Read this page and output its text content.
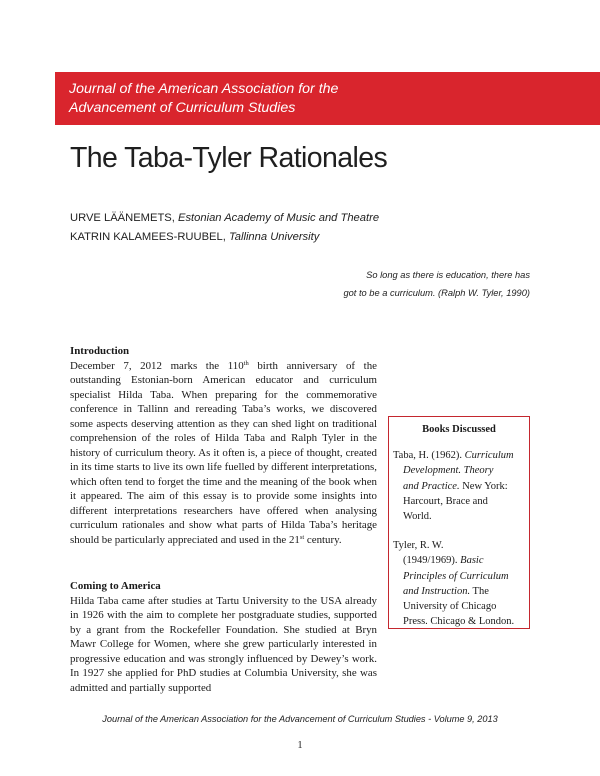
Journal of the American Association for the
Advancement of Curriculum Studies
The Taba-Tyler Rationales
URVE LÄÄNEMETS, Estonian Academy of Music and Theatre
KATRIN KALAMEES-RUUBEL, Tallinna University
So long as there is education, there has
got to be a curriculum. (Ralph W. Tyler, 1990)
Introduction

December 7, 2012 marks the 110th birth anniversary of the outstanding Estonian-born American educator and curriculum specialist Hilda Taba. When preparing for the commemorative conference in Tallinn and rereading Taba’s works, we discovered some aspects deserving attention as they can shed light on traditional comprehension of the roles of Hilda Taba and Ralph Tyler in the history of curriculum theory. As it often is, a piece of thought, created in its time starts to live its own life fuelled by different interpretations, which often tend to forget the time and the meaning of the book when it appeared. The aim of this essay is to provide some insights into different interpretations researchers have offered when analysing curriculum rationales and show what parts of Hilda Taba’s heritage should be particularly appreciated and used in the 21st century.

Coming to America

Hilda Taba came after studies at Tartu University to the USA already in 1926 with the aim to complete her postgraduate studies, supported by a grant from the Rockefeller Foundation. She studied at Bryn Mawr College for Women, where she grew particularly interested in progressive education and was strongly influenced by Dewey’s work. In 1927 she applied for PhD studies at Columbia University, she was admitted and partially supported

Books Discussed
Taba, H. (1962). Curriculum
Development. Theory
and Practice. New York:
Harcourt, Brace and
World.
Tyler, R. W.
(1949/1969). Basic
Principles of Curriculum
and Instruction. The
University of Chicago
Press. Chicago & London.
Journal of the American Association for the Advancement of Curriculum Studies - Volume 9, 2013
1
